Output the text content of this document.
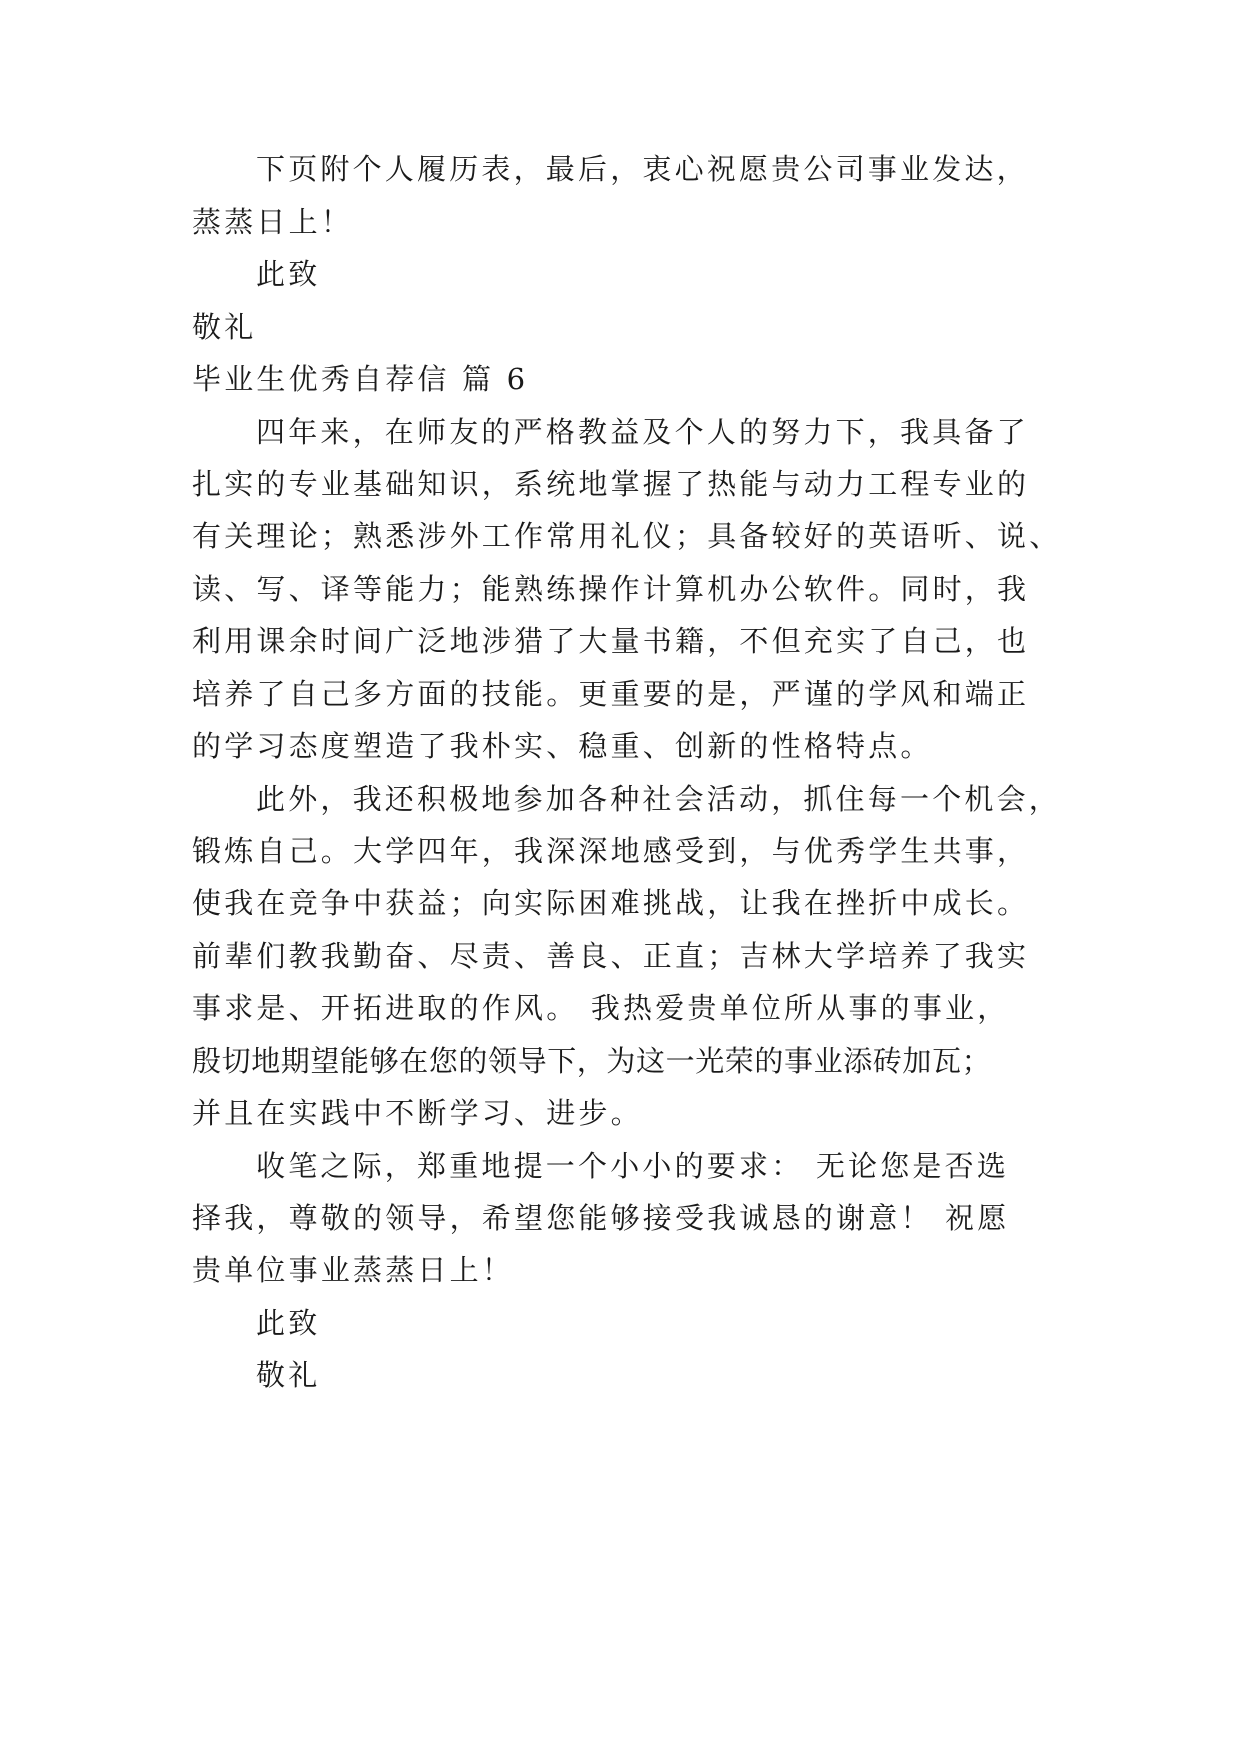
下页附个人履历表，最后，衷心祝愿贵公司事业发达，
蒸蒸日上！
此致
敬礼
毕业生优秀自荐信 篇 6
四年来，在师友的严格教益及个人的努力下，我具备了
扎实的专业基础知识，系统地掌握了热能与动力工程专业的
有关理论；熟悉涉外工作常用礼仪；具备较好的英语听、说、
读、写、译等能力；能熟练操作计算机办公软件。同时，我
利用课余时间广泛地涉猎了大量书籍，不但充实了自己，也
培养了自己多方面的技能。更重要的是，严谨的学风和端正
的学习态度塑造了我朴实、稳重、创新的性格特点。
此外，我还积极地参加各种社会活动，抓住每一个机会，
锻炼自己。大学四年，我深深地感受到，与优秀学生共事，
使我在竞争中获益；向实际困难挑战，让我在挫折中成长。
前辈们教我勤奋、尽责、善良、正直；吉林大学培养了我实
事求是、开拓进取的作风。 我热爱贵单位所从事的事业，
殷切地期望能够在您的领导下，为这一光荣的事业添砖加瓦；
并且在实践中不断学习、进步。
收笔之际，郑重地提一个小小的要求： 无论您是否选
择我，尊敬的领导，希望您能够接受我诚恳的谢意！ 祝愿
贵单位事业蒸蒸日上！
此致
敬礼
